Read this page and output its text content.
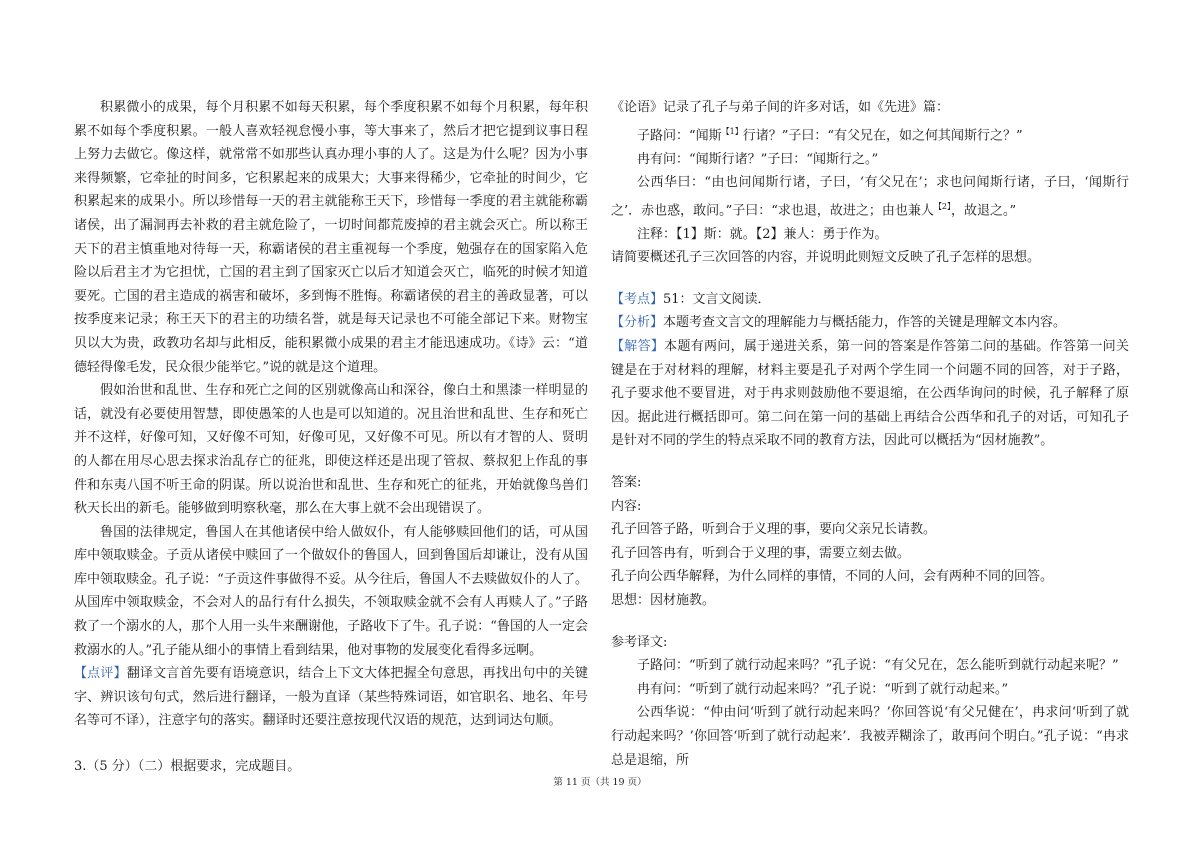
积累微小的成果，每个月积累不如每天积累，每个季度积累不如每个月积累，每年积累不如每个季度积累。一般人喜欢轻视怠慢小事，等大事来了，然后才把它提到议事日程上努力去做它。像这样，就常常不如那些认真办理小事的人了。这是为什么呢？因为小事来得频繁，它牵扯的时间多，它积累起来的成果大；大事来得稀少，它牵扯的时间少，它积累起来的成果小。所以珍惜每一天的君主就能称王天下，珍惜每一季度的君主就能称霸诸侯，出了漏洞再去补救的君主就危险了，一切时间都荒废掉的君主就会灭亡。所以称王天下的君主慎重地对待每一天，称霸诸侯的君主重视每一个季度，勉强存在的国家陷入危险以后君主才为它担忧，亡国的君主到了国家灭亡以后才知道会灭亡，临死的时候才知道要死。亡国的君主造成的祸害和破坏，多到悔不胜悔。称霸诸侯的君主的善政显著，可以按季度来记录；称王天下的君主的功绩名誉，就是每天记录也不可能全部记下来。财物宝贝以大为贵，政教功名却与此相反，能积累微小成果的君主才能迅速成功。《诗》云：“道德轻得像毛发，民众很少能举它。”说的就是这个道理。

假如治世和乱世、生存和死亡之间的区别就像高山和深谷，像白土和黑漆一样明显的话，就没有必要使用智慧，即使愚笨的人也是可以知道的。况且治世和乱世、生存和死亡并不这样，好像可知，又好像不可知，好像可见，又好像不可见。所以有才智的人、贤明的人都在用尽心思去探求治乱存亡的征兆，即使这样还是出现了管叔、蔡叔犯上作乱的事件和东夷八国不听王命的阴谋。所以说治世和乱世、生存和死亡的征兆，开始就像鸟兽们秋天长出的新毛。能够做到明察秋毫，那么在大事上就不会出现错误了。

鲁国的法律规定，鲁国人在其他诸侯中给人做奴仆，有人能够赎回他们的话，可从国库中领取赎金。子贡从诸侯中赎回了一个做奴仆的鲁国人，回到鲁国后却谦让，没有从国库中领取赎金。孔子说：“子贡这件事做得不妥。从今往后，鲁国人不去赎做奴仆的人了。从国库中领取赎金，不会对人的品行有什么损失，不领取赎金就不会有人再赎人了。”子路救了一个溺水的人，那个人用一头牛来酬谢他，子路收下了牛。孔子说：“鲁国的人一定会救溺水的人。”孔子能从细小的事情上看到结果，他对事物的发展变化看得多远啊。

【点评】翻译文言首先要有语境意识，结合上下文大体把握全句意思，再找出句中的关键字、辨识该句句式，然后进行翻译，一般为直译（某些特殊词语，如官职名、地名、年号名等可不译），注意字句的落实。翻译时还要注意按现代汉语的规范，达到词达句顺。

3.（5 分）（二）根据要求，完成题目。

《论语》记录了孔子与弟子间的许多对话，如《先进》篇：

子路问：“闻斯$^{【1】}$行诸？”子曰：“有父兄在，如之何其闻斯行之？”

冉有问：“闻斯行诸？”子曰：“闻斯行之。”

公西华曰：“由也问闻斯行诸，子曰，‘有父兄在’；求也问闻斯行诸，子曰，‘闻斯行之’．赤也惑，敢问。”子曰：“求也退，故进之；由也兼人$^{【2】}$，故退之。”

注释：【1】斯：就。【2】兼人：勇于作为。

请简要概述孔子三次回答的内容，并说明此则短文反映了孔子怎样的思想。

【考点】51：文言文阅读．

【分析】本题考查文言文的理解能力与概括能力，作答的关键是理解文本内容。

【解答】本题有两问，属于递进关系，第一问的答案是作答第二问的基础。作答第一问关键是在于对材料的理解，材料主要是孔子对两个学生同一个问题不同的回答，对于子路，孔子要求他不要冒进，对于冉求则鼓励他不要退缩，在公西华询问的时候，孔子解释了原因。据此进行概括即可。第二问在第一问的基础上再结合公西华和孔子的对话，可知孔子是针对不同的学生的特点采取不同的教育方法，因此可以概括为“因材施教”。

答案:

内容:

孔子回答子路，听到合于义理的事，要向父亲兄长请教。

孔子回答冉有，听到合于义理的事，需要立刻去做。

孔子向公西华解释，为什么同样的事情，不同的人问，会有两种不同的回答。

思想：因材施教。

参考译文:

子路问：“听到了就行动起来吗？”孔子说：“有父兄在，怎么能听到就行动起来呢？”

冉有问：“听到了就行动起来吗？”孔子说：“听到了就行动起来。”

公西华说：“仲由问‘听到了就行动起来吗？’你回答说‘有父兄健在’，冉求问‘听到了就行动起来吗？’你回答‘听到了就行动起来’．我被弄糊涂了，敢再问个明白。”孔子说：“冉求总是退缩，所

第 11 页（共 19 页）
